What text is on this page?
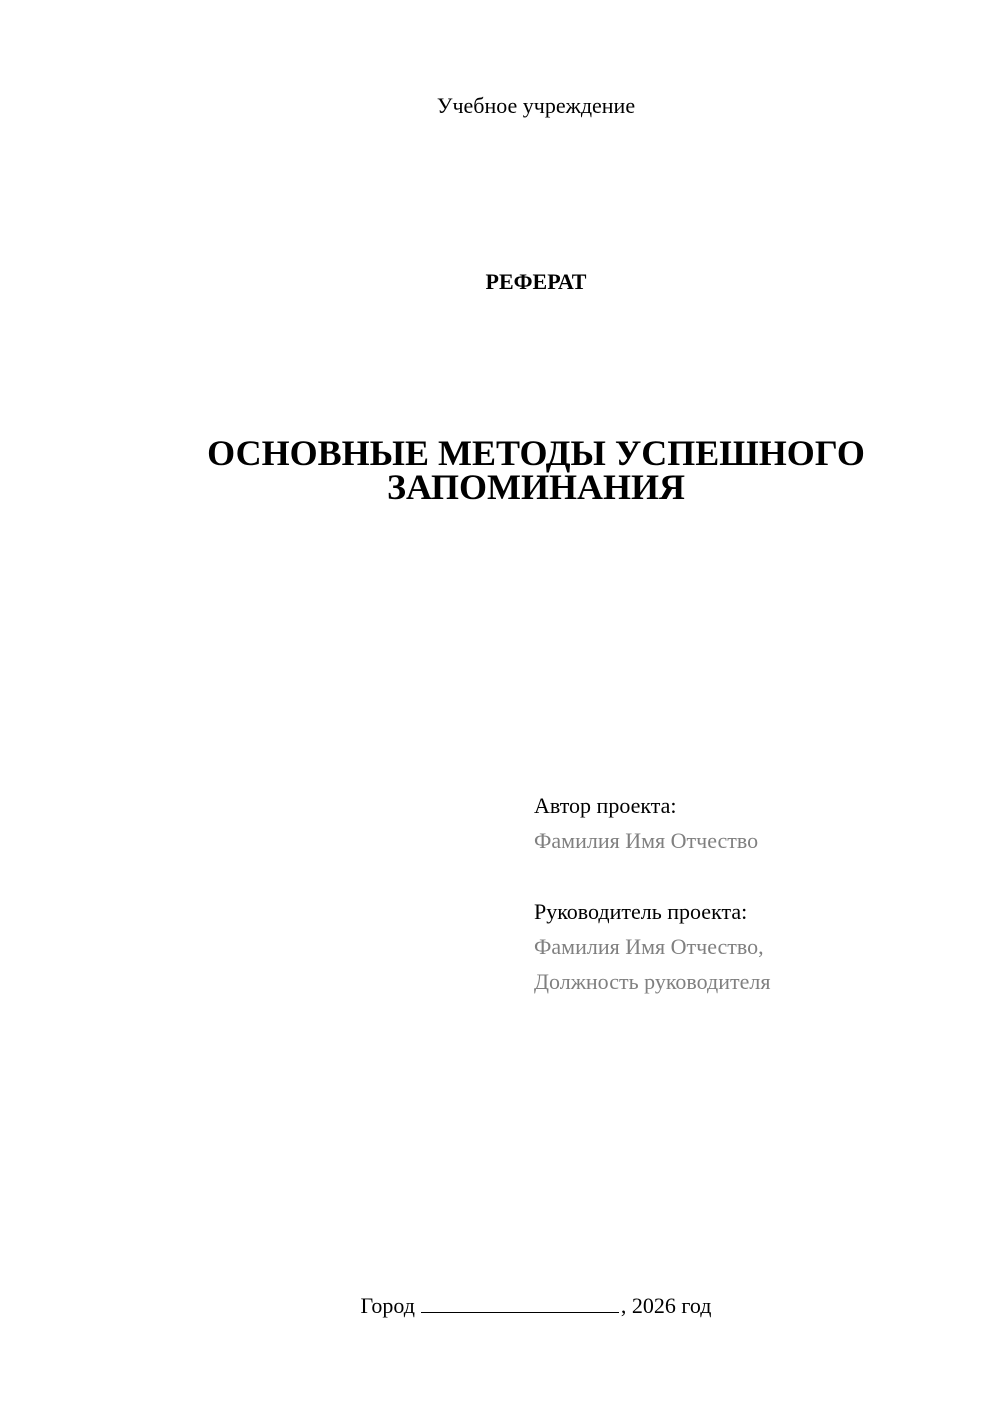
Учебное учреждение
РЕФЕРАТ
ОСНОВНЫЕ МЕТОДЫ УСПЕШНОГО
ЗАПОМИНАНИЯ
Автор проекта:
Фамилия Имя Отчество
Руководитель проекта:
Фамилия Имя Отчество,
Должность руководителя
Город	, 2026 год
